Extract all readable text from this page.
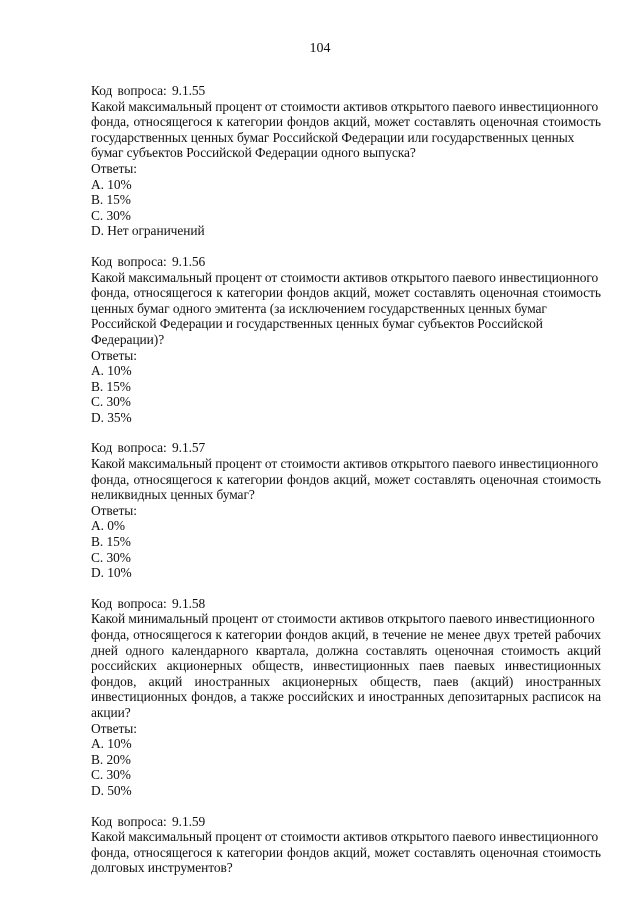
104
Код вопроса: 9.1.55
Какой максимальный процент от стоимости активов открытого паевого инвестиционного
фонда, относящегося к категории фондов акций, может составлять оценочная стоимость
государственных ценных бумаг Российской Федерации или государственных ценных
бумаг субъектов Российской Федерации одного выпуска?
Ответы:
A. 10%
B. 15%
C. 30%
D. Нет ограничений
Код вопроса: 9.1.56
Какой максимальный процент от стоимости активов открытого паевого инвестиционного
фонда, относящегося к категории фондов акций, может составлять оценочная стоимость
ценных бумаг одного эмитента (за исключением государственных ценных бумаг
Российской Федерации и государственных ценных бумаг субъектов Российской
Федерации)?
Ответы:
A. 10%
B. 15%
C. 30%
D. 35%
Код вопроса: 9.1.57
Какой максимальный процент от стоимости активов открытого паевого инвестиционного
фонда, относящегося к категории фондов акций, может составлять оценочная стоимость
неликвидных ценных бумаг?
Ответы:
A. 0%
B. 15%
C. 30%
D. 10%
Код вопроса: 9.1.58
Какой минимальный процент от стоимости активов открытого паевого инвестиционного
фонда, относящегося к категории фондов акций, в течение не менее двух третей рабочих
дней одного календарного квартала, должна составлять оценочная стоимость акций
российских акционерных обществ, инвестиционных паев паевых инвестиционных
фондов, акций иностранных акционерных обществ, паев (акций) иностранных
инвестиционных фондов, а также российских и иностранных депозитарных расписок на
акции?
Ответы:
A. 10%
B. 20%
C. 30%
D. 50%
Код вопроса: 9.1.59
Какой максимальный процент от стоимости активов открытого паевого инвестиционного
фонда, относящегося к категории фондов акций, может составлять оценочная стоимость
долговых инструментов?
